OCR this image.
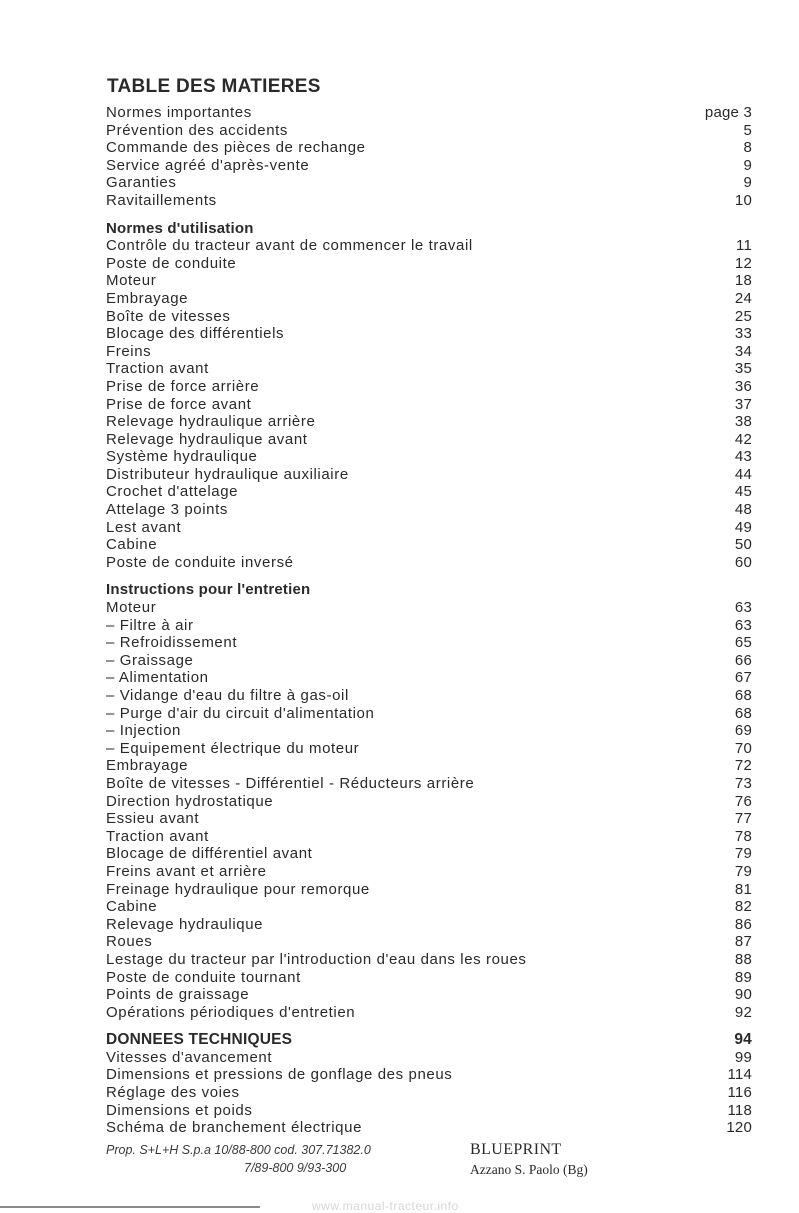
TABLE DES MATIERES
Normes importantes	page 3
Prévention des accidents	5
Commande des pièces de rechange	8
Service agréé d'après-vente	9
Garanties	9
Ravitaillements	10
Normes d'utilisation
Contrôle du tracteur avant de commencer le travail	11
Poste de conduite	12
Moteur	18
Embrayage	24
Boîte de vitesses	25
Blocage des différentiels	33
Freins	34
Traction avant	35
Prise de force arrière	36
Prise de force avant	37
Relevage hydraulique arrière	38
Relevage hydraulique avant	42
Système hydraulique	43
Distributeur hydraulique auxiliaire	44
Crochet d'attelage	45
Attelage 3 points	48
Lest avant	49
Cabine	50
Poste de conduite inversé	60
Instructions pour l'entretien
Moteur	63
– Filtre à air	63
– Refroidissement	65
– Graissage	66
– Alimentation	67
– Vidange d'eau du filtre à gas-oil	68
– Purge d'air du circuit d'alimentation	68
– Injection	69
– Equipement électrique du moteur	70
Embrayage	72
Boîte de vitesses - Différentiel - Réducteurs arrière	73
Direction hydrostatique	76
Essieu avant	77
Traction avant	78
Blocage de différentiel avant	79
Freins avant et arrière	79
Freinage hydraulique pour remorque	81
Cabine	82
Relevage hydraulique	86
Roues	87
Lestage du tracteur par l'introduction d'eau dans les roues	88
Poste de conduite tournant	89
Points de graissage	90
Opérations périodiques d'entretien	92
DONNEES TECHNIQUES	94
Vitesses d'avancement	99
Dimensions et pressions de gonflage des pneus	114
Réglage des voies	116
Dimensions et poids	118
Schéma de branchement électrique	120
Prop. S+L+H S.p.a 10/88-800 cod. 307.71382.0
7/89-800 9/93-300
BLUEPRINT
Azzano S. Paolo (Bg)
www.manual-tracteur.info
